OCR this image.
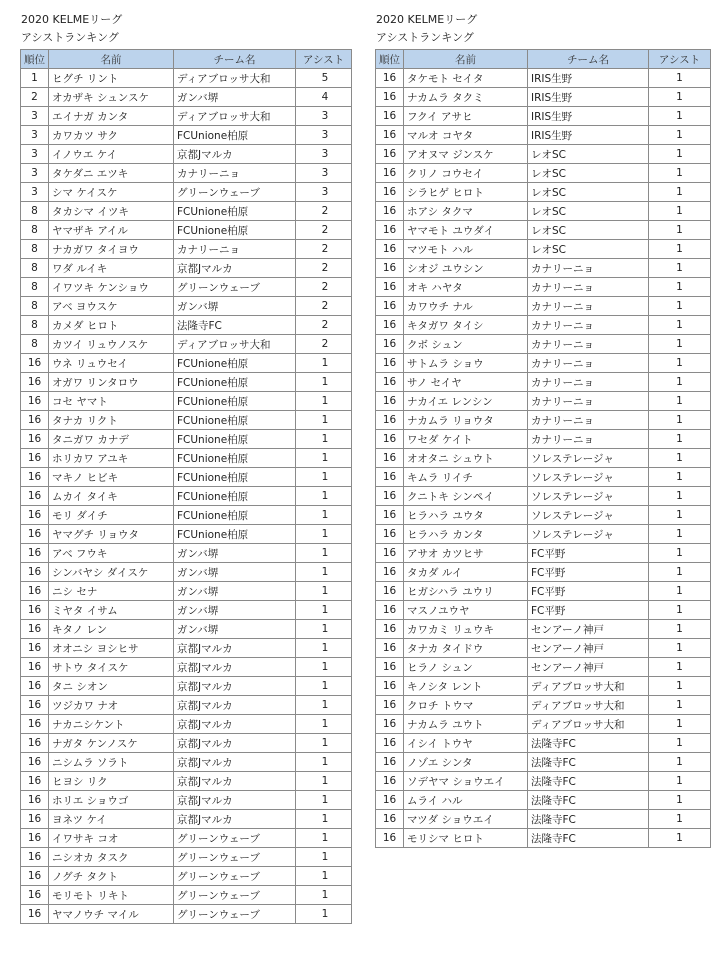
2020 KELMEリーグ
アシストランキング
順位	名前	チーム名	アシスト
1	ヒグチ リント	ディアブロッサ大和	5
2	オカザキ シュンスケ	ガンバ堺	4
3	エイナガ カンタ	ディアブロッサ大和	3
3	カワカツ サク	FCUnione柏原	3
3	イノウエ ケイ	京都Jマルカ	3
3	タケダニ エツキ	カナリーニョ	3
3	シマ ケイスケ	グリーンウェーブ	3
8	タカシマ イツキ	FCUnione柏原	2
8	ヤマザキ アイル	FCUnione柏原	2
8	ナカガワ タイヨウ	カナリーニョ	2
8	ワダ ルイキ	京都Jマルカ	2
8	イワツキ ケンショウ	グリーンウェーブ	2
8	アベ ヨウスケ	ガンバ堺	2
8	カメダ ヒロト	法隆寺FC	2
8	カツイ リュウノスケ	ディアブロッサ大和	2
16	ウネ リュウセイ	FCUnione柏原	1
16	オガワ リンタロウ	FCUnione柏原	1
16	コセ ヤマト	FCUnione柏原	1
16	タナカ リクト	FCUnione柏原	1
16	タニガワ カナデ	FCUnione柏原	1
16	ホリカワ アユキ	FCUnione柏原	1
16	マキノ ヒビキ	FCUnione柏原	1
16	ムカイ タイキ	FCUnione柏原	1
16	モリ ダイチ	FCUnione柏原	1
16	ヤマグチ リョウタ	FCUnione柏原	1
16	アベ フウキ	ガンバ堺	1
16	シンバヤシ ダイスケ	ガンバ堺	1
16	ニシ セナ	ガンバ堺	1
16	ミヤタ イサム	ガンバ堺	1
16	キタノ レン	ガンバ堺	1
16	オオニシ ヨシヒサ	京都Jマルカ	1
16	サトウ タイスケ	京都Jマルカ	1
16	タニ シオン	京都Jマルカ	1
16	ツジカワ ナオ	京都Jマルカ	1
16	ナカニシケント	京都Jマルカ	1
16	ナガタ ケンノスケ	京都Jマルカ	1
16	ニシムラ ソラト	京都Jマルカ	1
16	ヒヨシ リク	京都Jマルカ	1
16	ホリエ ショウゴ	京都Jマルカ	1
16	ヨネツ ケイ	京都Jマルカ	1
16	イワサキ コオ	グリーンウェーブ	1
16	ニシオカ タスク	グリーンウェーブ	1
16	ノグチ タクト	グリーンウェーブ	1
16	モリモト リキト	グリーンウェーブ	1
16	ヤマノウチ マイル	グリーンウェーブ	1
2020 KELMEリーグ
アシストランキング
順位	名前	チーム名	アシスト
16	タケモト セイタ	IRIS生野	1
16	ナカムラ タクミ	IRIS生野	1
16	フクイ アサヒ	IRIS生野	1
16	マルオ コヤタ	IRIS生野	1
16	アオヌマ ジンスケ	レオSC	1
16	クリノ コウセイ	レオSC	1
16	シラヒゲ ヒロト	レオSC	1
16	ホアシ タクマ	レオSC	1
16	ヤマモト ユウダイ	レオSC	1
16	マツモト ハル	レオSC	1
16	シオジ ユウシン	カナリーニョ	1
16	オキ ハヤタ	カナリーニョ	1
16	カワウチ ナル	カナリーニョ	1
16	キタガワ タイシ	カナリーニョ	1
16	クボ シュン	カナリーニョ	1
16	サトムラ ショウ	カナリーニョ	1
16	サノ セイヤ	カナリーニョ	1
16	ナカイエ レンシン	カナリーニョ	1
16	ナカムラ リョウタ	カナリーニョ	1
16	ワセダ ケイト	カナリーニョ	1
16	オオタニ シュウト	ソレステレージャ	1
16	キムラ リイチ	ソレステレージャ	1
16	クニトキ シンペイ	ソレステレージャ	1
16	ヒラハラ ユウタ	ソレステレージャ	1
16	ヒラハラ カンタ	ソレステレージャ	1
16	アサオ カツヒサ	FC平野	1
16	タカダ ルイ	FC平野	1
16	ヒガシハラ ユウリ	FC平野	1
16	マスノユウヤ	FC平野	1
16	カワカミ リュウキ	センアーノ神戸	1
16	タナカ タイドウ	センアーノ神戸	1
16	ヒラノ シュン	センアーノ神戸	1
16	キノシタ レント	ディアブロッサ大和	1
16	クロチ トウマ	ディアブロッサ大和	1
16	ナカムラ ユウト	ディアブロッサ大和	1
16	イシイ トウヤ	法隆寺FC	1
16	ノゾエ シンタ	法隆寺FC	1
16	ソデヤマ ショウエイ	法隆寺FC	1
16	ムライ ハル	法隆寺FC	1
16	マツダ ショウエイ	法隆寺FC	1
16	モリシマ ヒロト	法隆寺FC	1
